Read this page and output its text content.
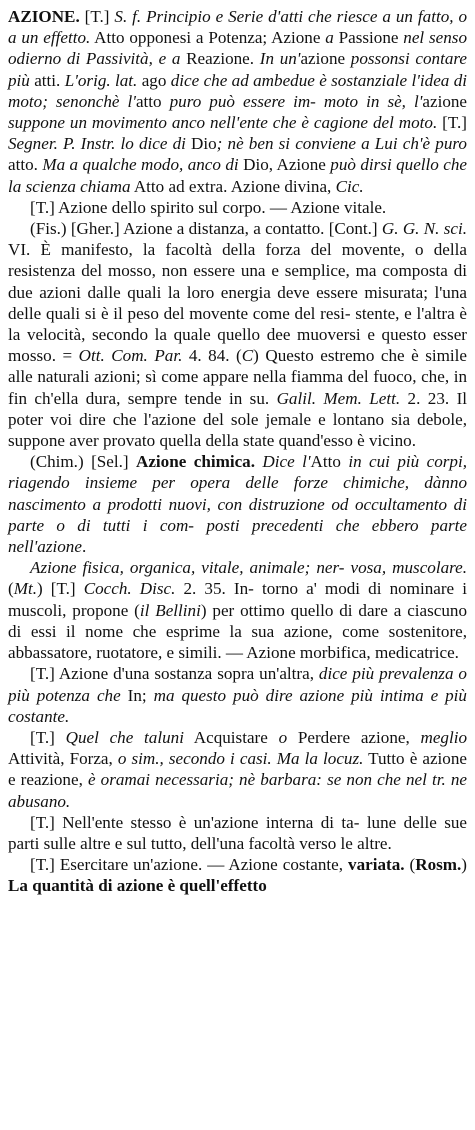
AZIONE. [T.] S. f. Principio e Serie d'atti che riesce a un fatto, o a un effetto. Atto opponesi a Potenza; Azione a Passione nel senso odierno di Passività, e a Reazione. In un'azione possonsi contare più atti. L'orig. lat. ago dice che ad ambedue è sostanziale l'idea di moto; senonchè l'atto puro può essere im- moto in sè, l'azione suppone un movimento anco nell'ente che è cagione del moto. [T.] Segner. P. Instr. lo dice di Dio; nè ben si conviene a Lui ch'è puro atto. Ma a qualche modo, anco di Dio, Azione può dirsi quello che la scienza chiama Atto ad extra. Azione divina, Cic.
[T.] Azione dello spirito sul corpo. — Azione vitale.
(Fis.) [Gher.] Azione a distanza, a contatto. [Cont.] G. G. N. sci. VI. È manifesto, la facoltà della forza del movente, o della resistenza del mosso, non essere una e semplice, ma composta di due azioni dalle quali la loro energia deve essere misurata; l'una delle quali si è il peso del movente come del resi- stente, e l'altra è la velocità, secondo la quale quello dee muoversi e questo esser mosso. = Ott. Com. Par. 4. 84. (C) Questo estremo che è simile alle naturali azioni; sì come appare nella fiamma del fuoco, che, in fin ch'ella dura, sempre tende in su. Galil. Mem. Lett. 2. 23. Il poter voi dire che l'azione del sole jemale e lontano sia debole, suppone aver provato quella della state quand'esso è vicino.
(Chim.) [Sel.] Azione chimica. Dice l'Atto in cui più corpi, riagendo insieme per opera delle forze chimiche, dànno nascimento a prodotti nuovi, con distruzione od occultamento di parte o di tutti i com- posti precedenti che ebbero parte nell'azione.
Azione fisica, organica, vitale, animale; ner- vosa, muscolare. (Mt.) [T.] Cocch. Disc. 2. 35. In- torno a' modi di nominare i muscoli, propone (il Bellini) per ottimo quello di dare a ciascuno di essi il nome che esprime la sua azione, come sostenitore, abbassatore, ruotatore, e simili. — Azione morbifica, medicatrice.
[T.] Azione d'una sostanza sopra un'altra, dice più prevalenza o più potenza che In; ma questo può dire azione più intima e più costante.
[T.] Quel che taluni Acquistare o Perdere azione, meglio Attività, Forza, o sim., secondo i casi. Ma la locuz. Tutto è azione e reazione, è oramai necessaria; nè barbara: se non che nel tr. ne abusano.
[T.] Nell'ente stesso è un'azione interna di ta- lune delle sue parti sulle altre e sul tutto, dell'una facoltà verso le altre.
[T.] Esercitare un'azione. — Azione costante, variata. (Rosm.) La quantità di azione è quell'effetto
